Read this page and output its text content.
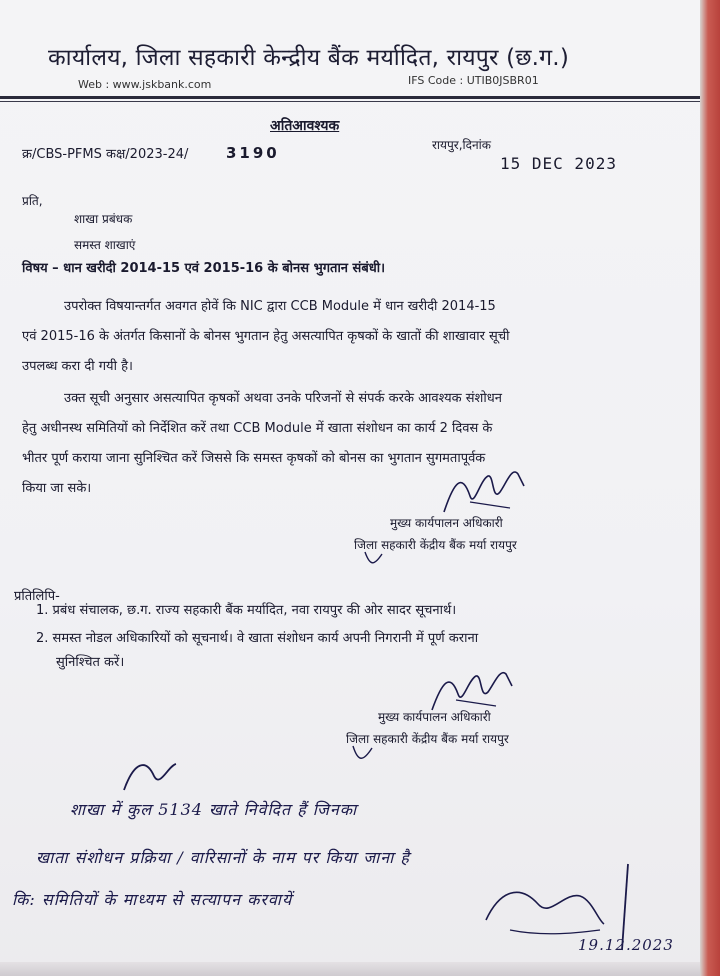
कार्यालय, जिला सहकारी केन्द्रीय बैंक मर्यादित, रायपुर (छ.ग.)
Web : www.jskbank.com	IFS Code : UTIB0JSBR01
अतिआवश्यक
क्र/CBS-PFMS कक्ष/2023-24/	3190	रायपुर,दिनांक
15 DEC 2023
प्रति,
शाखा प्रबंधक
समस्त शाखाएं
विषय – धान खरीदी 2014-15 एवं 2015-16 के बोनस भुगतान संबंधी।
उपरोक्त विषयान्तर्गत अवगत होवें कि NIC द्वारा CCB Module में धान खरीदी 2014-15
एवं 2015-16 के अंतर्गत किसानों के बोनस भुगतान हेतु असत्यापित कृषकों के खातों की शाखावार सूची
उपलब्ध करा दी गयी है।
उक्त सूची अनुसार असत्यापित कृषकों अथवा उनके परिजनों से संपर्क करके आवश्यक संशोधन
हेतु अधीनस्थ समितियों को निर्देशित करें तथा CCB Module में खाता संशोधन का कार्य 2 दिवस के
भीतर पूर्ण कराया जाना सुनिश्चित करें जिससे कि समस्त कृषकों को बोनस का भुगतान सुगमतापूर्वक
किया जा सके।
मुख्य कार्यपालन अधिकारी
जिला सहकारी केंद्रीय बैंक मर्या रायपुर
प्रतिलिपि-
1. प्रबंध संचालक, छ.ग. राज्य सहकारी बैंक मर्यादित, नवा रायपुर की ओर सादर सूचनार्थ।
2. समस्त नोडल अधिकारियों को सूचनार्थ। वे खाता संशोधन कार्य अपनी निगरानी में पूर्ण कराना
सुनिश्चित करें।
मुख्य कार्यपालन अधिकारी
जिला सहकारी केंद्रीय बैंक मर्या रायपुर
शाखा में कुल 5134 खाते निवेदित हैं जिनका
खाता संशोधन प्रक्रिया / वारिसानों के नाम पर किया जाना है
कि: समितियों के माध्यम से सत्यापन करवायें
19.12.2023
